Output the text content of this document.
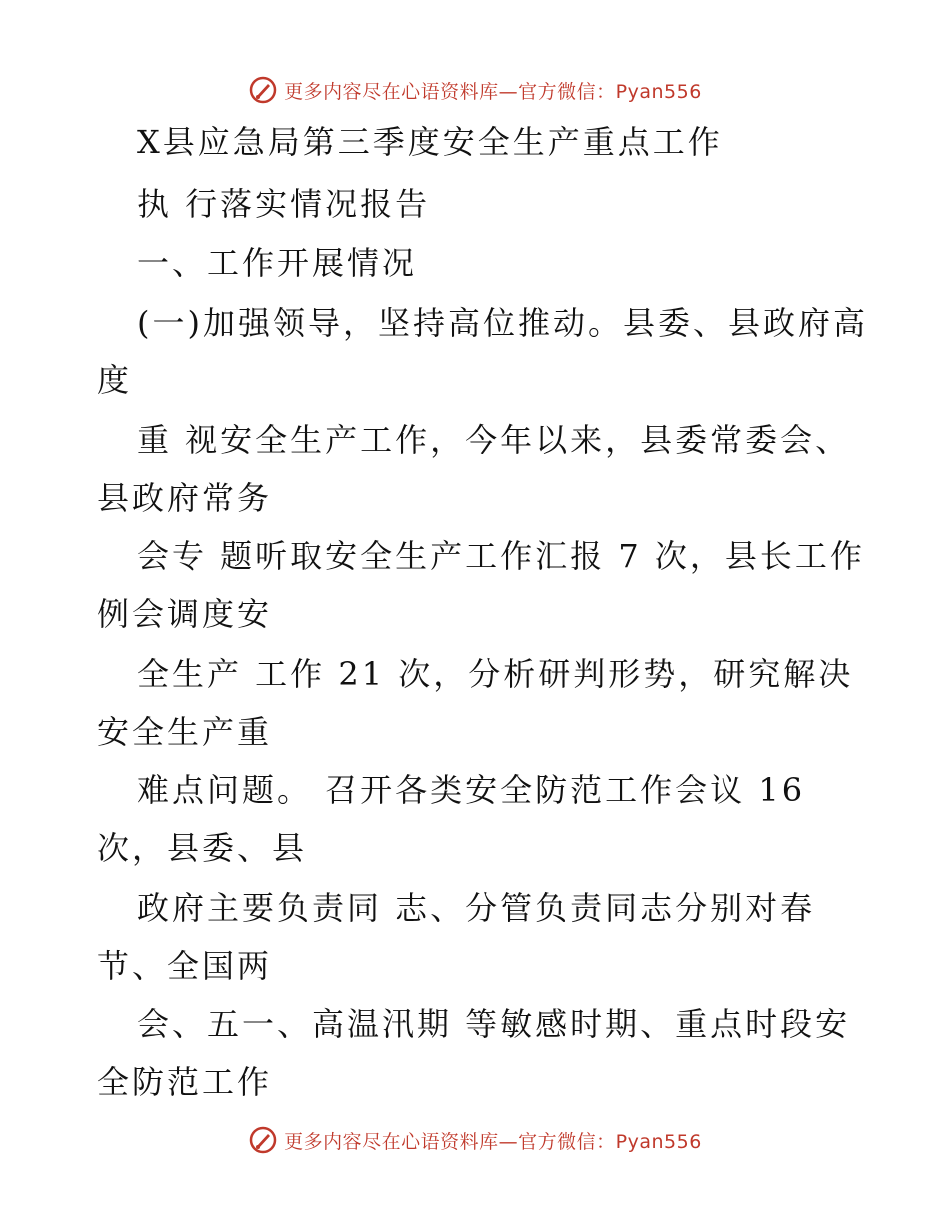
更多内容尽在心语资料库—官方微信：Pyan556
X县应急局第三季度安全生产重点工作
执 行落实情况报告
一、工作开展情况
(一)加强领导，坚持高位推动。县委、县政府高
度
重 视安全生产工作，今年以来，县委常委会、
县政府常务
会专 题听取安全生产工作汇报 7 次，县长工作
例会调度安
全生产 工作 21 次，分析研判形势，研究解决
安全生产重
难点问题。 召开各类安全防范工作会议 16
次，县委、县
政府主要负责同 志、分管负责同志分别对春
节、全国两
会、五一、高温汛期 等敏感时期、重点时段安
全防范工作
更多内容尽在心语资料库—官方微信：Pyan556
